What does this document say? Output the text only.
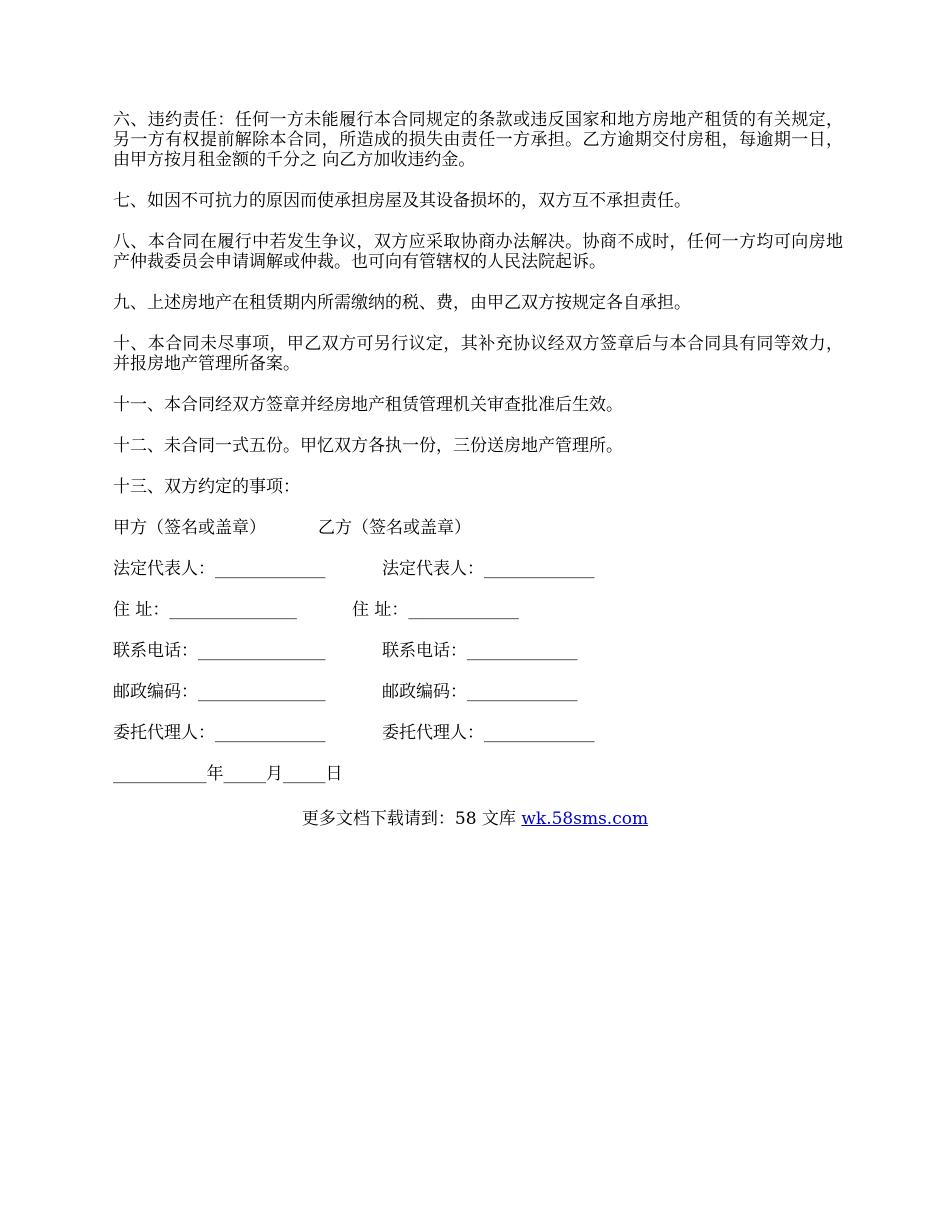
六、违约责任：任何一方未能履行本合同规定的条款或违反国家和地方房地产租赁的有关规定，另一方有权提前解除本合同，所造成的损失由责任一方承担。乙方逾期交付房租，每逾期一日，由甲方按月租金额的千分之 向乙方加收违约金。

七、如因不可抗力的原因而使承担房屋及其设备损坏的，双方互不承担责任。

八、本合同在履行中若发生争议，双方应采取协商办法解决。协商不成时，任何一方均可向房地产仲裁委员会申请调解或仲裁。也可向有管辖权的人民法院起诉。

九、上述房地产在租赁期内所需缴纳的税、费，由甲乙双方按规定各自承担。

十、本合同未尽事项，甲乙双方可另行议定，其补充协议经双方签章后与本合同具有同等效力，并报房地产管理所备案。

十一、本合同经双方签章并经房地产租赁管理机关审查批准后生效。

十二、未合同一式五份。甲忆双方各执一份，三份送房地产管理所。

十三、双方约定的事项：

甲方（签名或盖章）	乙方（签名或盖章）
法定代表人：_____________	法定代表人：_____________
住 址：_______________	住 址：_____________
联系电话：_______________	联系电话：_____________
邮政编码：_______________	邮政编码：_____________
委托代理人：_____________	委托代理人：_____________
___________年_____月_____日
更多文档下载请到：58 文库 wk.58sms.com
